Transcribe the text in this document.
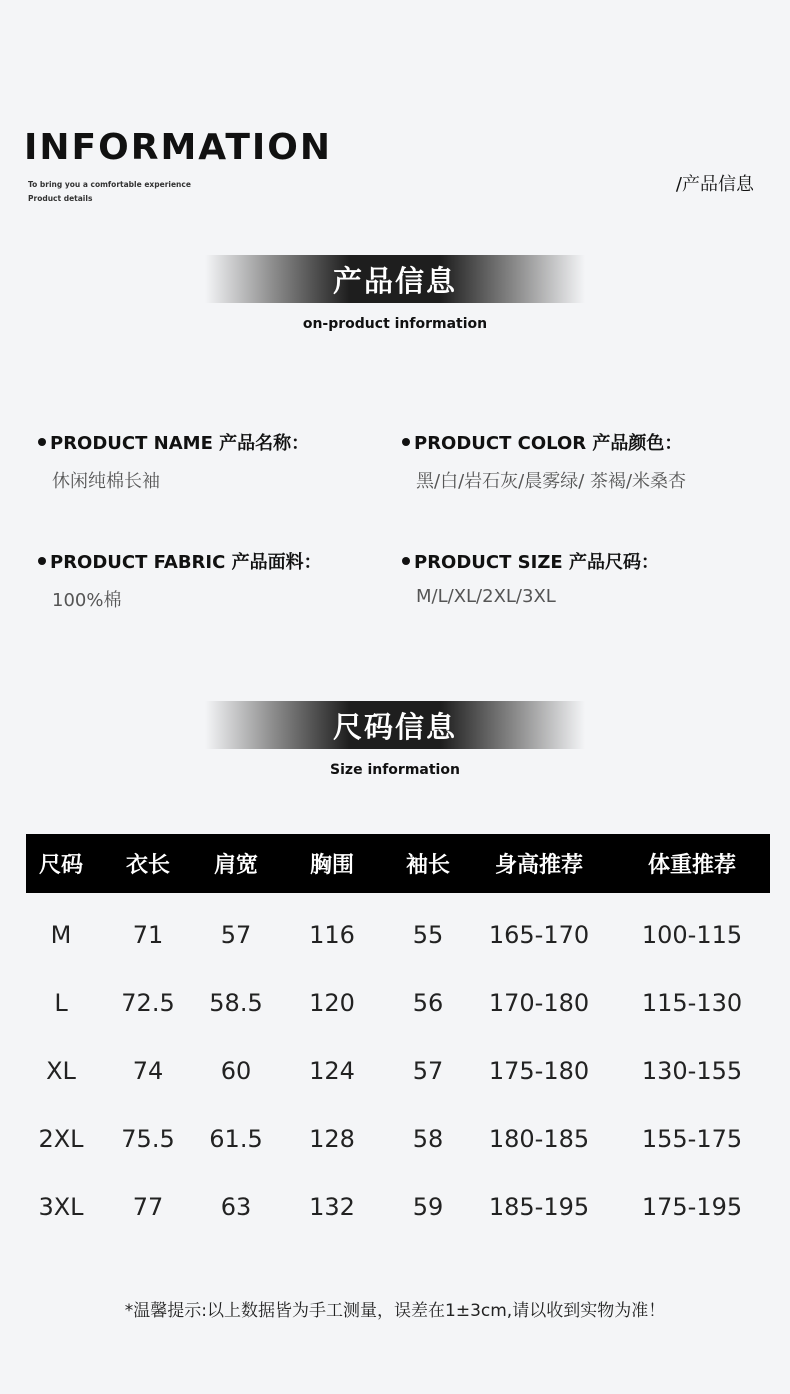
INFORMATION
To bring you a comfortable experience
Product details
/产品信息
产品信息
on-product information
PRODUCT NAME 产品名称：
休闲纯棉长袖
PRODUCT COLOR 产品颜色：
黑/白/岩石灰/晨雾绿/ 茶褐/米桑杏
PRODUCT FABRIC 产品面料：
100%棉
PRODUCT SIZE 产品尺码：
M/L/XL/2XL/3XL
尺码信息
Size information
尺码	衣长	肩宽	胸围	袖长	身高推荐	体重推荐
M	71	57	116	55	165-170	100-115
L	72.5	58.5	120	56	170-180	115-130
XL	74	60	124	57	175-180	130-155
2XL	75.5	61.5	128	58	180-185	155-175
3XL	77	63	132	59	185-195	175-195
*温馨提示:以上数据皆为手工测量，误差在1±3cm,请以收到实物为准！
